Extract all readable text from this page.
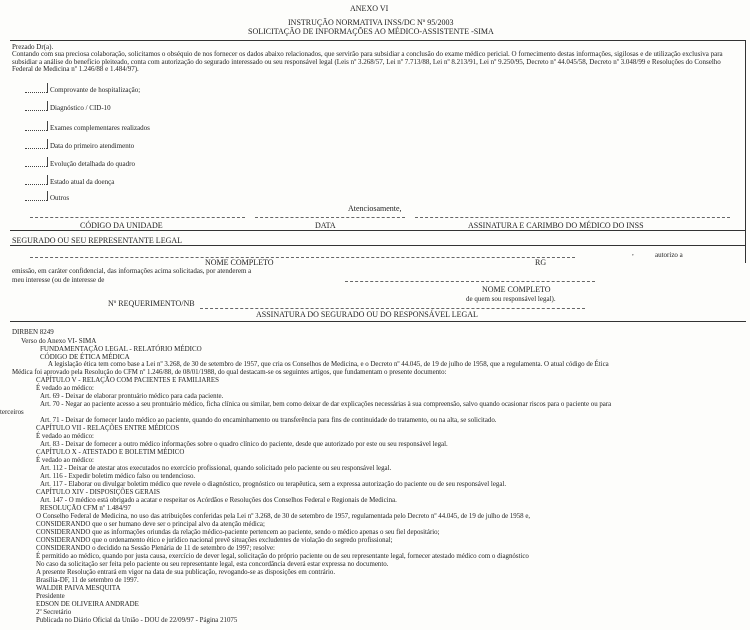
ANEXO VI
INSTRUÇÃO NORMATIVA INSS/DC Nº 95/2003
SOLICITAÇÃO DE INFORMAÇÕES AO MÉDICO-ASSISTENTE -SIMA
Prezado Dr(a).
Contando com sua preciosa colaboração, solicitamos o obséquio de nos fornecer os dados abaixo relacionados, que servirão para subsidiar a conclusão do exame médico pericial. O fornecimento destas informações, sigilosas e de utilização exclusiva para subsidiar a análise do benefício pleiteado, conta com autorização do segurado interessado ou seu responsável legal (Leis nº 3.268/57, Lei nº 7.713/88, Lei nº 8.213/91, Lei nº 9.250/95, Decreto nº 44.045/58, Decreto nº 3.048/99 e Resoluções do Conselho Federal de Medicina nº 1.246/88 e 1.484/97).
Comprovante de hospitalização;
Diagnóstico / CID-10
Exames complementares realizados
Data do primeiro atendimento
Evolução detalhada do quadro
Estado atual da doença
Outros
Atenciosamente,
CÓDIGO DA UNIDADE	DATA	ASSINATURA E CARIMBO DO MÉDICO DO INSS
SEGURADO OU SEU REPRESENTANTE LEGAL
NOME COMPLETO	RG
,	autorizo a
emissão, em caráter confidencial, das informações acima solicitadas, por atenderem a
meu interesse (ou de interesse de
NOME COMPLETO
de quem sou responsável legal).
Nº REQUERIMENTO/NB
ASSINATURA DO SEGURADO OU DO RESPONSÁVEL LEGAL
DIRBEN 8249
Verso do Anexo VI- SIMA
FUNDAMENTAÇÃO LEGAL - RELATÓRIO MÉDICO
CÓDIGO DE ÉTICA MÉDICA
A legislação ética tem como base a Lei nº 3.268, de 30 de setembro de 1957, que cria os Conselhos de Medicina, e o Decreto nº 44.045, de 19 de julho de 1958, que a regulamenta. O atual código de Ética
Médica foi aprovado pela Resolução do CFM nº 1.246/88, de 08/01/1988, do qual destacam-se os seguintes artigos, que fundamentam o presente documento:
CAPÍTULO V - RELAÇÃO COM PACIENTES E FAMILIARES
É vedado ao médico:
Art. 69 - Deixar de elaborar prontuário médico para cada paciente.
Art. 70 - Negar ao paciente acesso a seu prontuário médico, ficha clínica ou similar, bem como deixar de dar explicações necessárias à sua compreensão, salvo quando ocasionar riscos para o paciente ou para
terceiros
Art. 71 - Deixar de fornecer laudo médico ao paciente, quando do encaminhamento ou transferência para fins de continuidade do tratamento, ou na alta, se solicitado.
CAPÍTULO VII - RELAÇÕES ENTRE MÉDICOS
É vedado ao médico:
Art. 83 - Deixar de fornecer a outro médico informações sobre o quadro clínico do paciente, desde que autorizado por este ou seu responsável legal.
CAPÍTULO X - ATESTADO E BOLETIM MÉDICO
É vedado ao médico:
Art. 112 - Deixar de atestar atos executados no exercício profissional, quando solicitado pelo paciente ou seu responsável legal.
Art. 116 - Expedir boletim médico falso ou tendencioso.
Art. 117 - Elaborar ou divulgar boletim médico que revele o diagnóstico, prognóstico ou terapêutica, sem a expressa autorização do paciente ou de seu responsável legal.
CAPÍTULO XIV - DISPOSIÇÕES GERAIS
Art. 147 - O médico está obrigado a acatar e respeitar os Acórdãos e Resoluções dos Conselhos Federal e Regionais de Medicina.
RESOLUÇÃO CFM nº 1.484/97
O Conselho Federal de Medicina, no uso das atribuições conferidas pela Lei nº 3.268, de 30 de setembro de 1957, regulamentada pelo Decreto nº 44.045, de 19 de julho de 1958 e,
CONSIDERANDO que o ser humano deve ser o principal alvo da atenção médica;
CONSIDERANDO que as informações oriundas da relação médico-paciente pertencem ao paciente, sendo o médico apenas o seu fiel depositário;
CONSIDERANDO que o ordenamento ético e jurídico nacional prevê situações excludentes de violação do segredo profissional;
CONSIDERANDO o decidido na Sessão Plenária de 11 de setembro de 1997; resolve:
É permitido ao médico, quando por justa causa, exercício de dever legal, solicitação do próprio paciente ou de seu representante legal, fornecer atestado médico com o diagnóstico
No caso da solicitação ser feita pelo paciente ou seu representante legal, esta concordância deverá estar expressa no documento.
A presente Resolução entrará em vigor na data de sua publicação, revogando-se as disposições em contrário.
Brasília-DF, 11 de setembro de 1997.
WALDIR PAIVA MESQUITA
Presidente
EDSON DE OLIVEIRA ANDRADE
2º Secretário
Publicada no Diário Oficial da União - DOU de 22/09/97 - Página 21075
